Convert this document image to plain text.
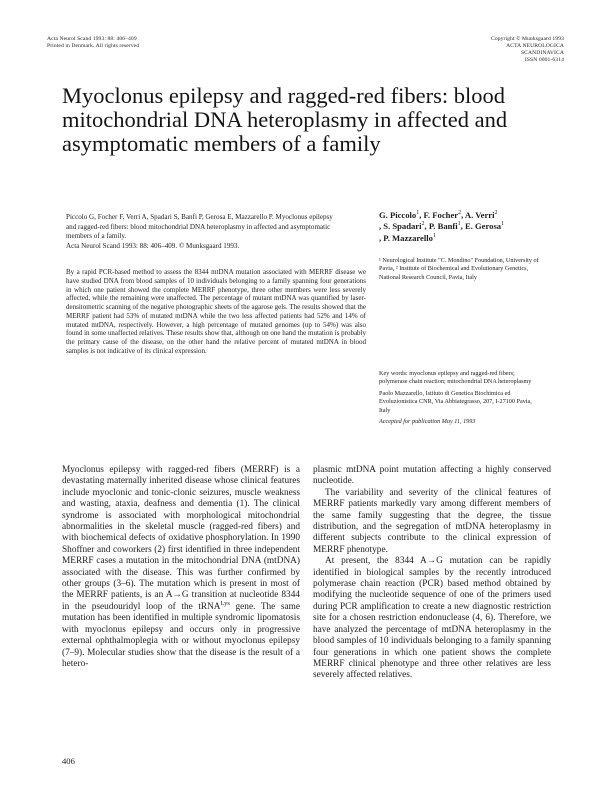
Acta Neurol Scand 1993: 88: 406–409
Printed in Denmark. All rights reserved
Copyright © Munksgaard 1993
ACTA NEUROLOGICA
SCANDINAVICA
ISSN 0001-6314
Myoclonus epilepsy and ragged-red fibers: blood mitochondrial DNA heteroplasmy in affected and asymptomatic members of a family
Piccolo G, Focher F, Verri A, Spadari S, Banfi P, Gerosa E, Mazzarello P. Myoclonus epilepsy and ragged-red fibers: blood mitochondrial DNA heteroplasmy in affected and asymptomatic members of a family.
Acta Neurol Scand 1993: 88: 406–409. © Munksgaard 1993.
G. Piccolo$^1$, F. Focher$^2$, A. Verri$^2$
, S. Spadari$^2$, P. Banfi$^1$, E. Gerosa$^1$
, P. Mazzarello$^1$
¹ Neurological Institute "C. Mondino" Foundation, University of Pavia, ² Institute of Biochemical and Evolutionary Genetics, National Research Council, Pavia, Italy
By a rapid PCR-based method to assess the 8344 mtDNA mutation associated with MERRF disease we have studied DNA from blood samples of 10 individuals belonging to a family spanning four generations in which one patient showed the complete MERRF phenotype, three other members were less severely affected, while the remaining were unaffected. The percentage of mutant mtDNA was quantified by laser-densitometric scanning of the negative photographic sheets of the agarose gels. The results showed that the MERRF patient had 53% of mutated mtDNA while the two less affected patients had 52% and 14% of mutated mtDNA, respectively. However, a high percentage of mutated genomes (up to 54%) was also found in some unaffected relatives. These results show that, although on one hand the mutation is probably the primary cause of the disease, on the other hand the relative percent of mutated mtDNA in blood samples is not indicative of its clinical expression.

Key words: myoclonus epilepsy and ragged-red fibers; polymerase chain reaction; mitochondrial DNA heteroplasmy

Paolo Mazzarello, Istituto di Genetica Biochimica ed Evoluzionistica CNR, Via Abbiategrasso, 207, I-27100 Pavia, Italy

Accepted for publication May 11, 1993

Myoclonus epilepsy with ragged-red fibers (MERRF) is a devastating maternally inherited disease whose clinical features include myoclonic and tonic-clonic seizures, muscle weakness and wasting, ataxia, deafness and dementia (1). The clinical syndrome is associated with morphological mitochondrial abnormalities in the skeletal muscle (ragged-red fibers) and with biochemical defects of oxidative phosphorylation. In 1990 Shoffner and coworkers (2) first identified in three independent MERRF cases a mutation in the mitochondrial DNA (mtDNA) associated with the disease. This was further confirmed by other groups (3–6). The mutation which is present in most of the MERRF patients, is an A→G transition at nucleotide 8344 in the pseudouridyl loop of the tRNA$^{Lys}$ gene. The same mutation has been identified in multiple syndromic lipomatosis with myoclonus epilepsy and occurs only in progressive external ophthalmoplegia with or without myoclonus epilepsy (7–9). Molecular studies show that the disease is the result of a hetero-

plasmic mtDNA point mutation affecting a highly conserved nucleotide.

The variability and severity of the clinical features of MERRF patients markedly vary among different members of the same family suggesting that the degree, the tissue distribution, and the segregation of mtDNA heteroplasmy in different subjects contribute to the clinical expression of MERRF phenotype.

At present, the 8344 A→G mutation can be rapidly identified in biological samples by the recently introduced polymerase chain reaction (PCR) based method obtained by modifying the nucleotide sequence of one of the primers used during PCR amplification to create a new diagnostic restriction site for a chosen restriction endonuclease (4, 6). Therefore, we have analyzed the percentage of mtDNA heteroplasmy in the blood samples of 10 individuals belonging to a family spanning four generations in which one patient shows the complete MERRF clinical phenotype and three other relatives are less severely affected relatives.

406
